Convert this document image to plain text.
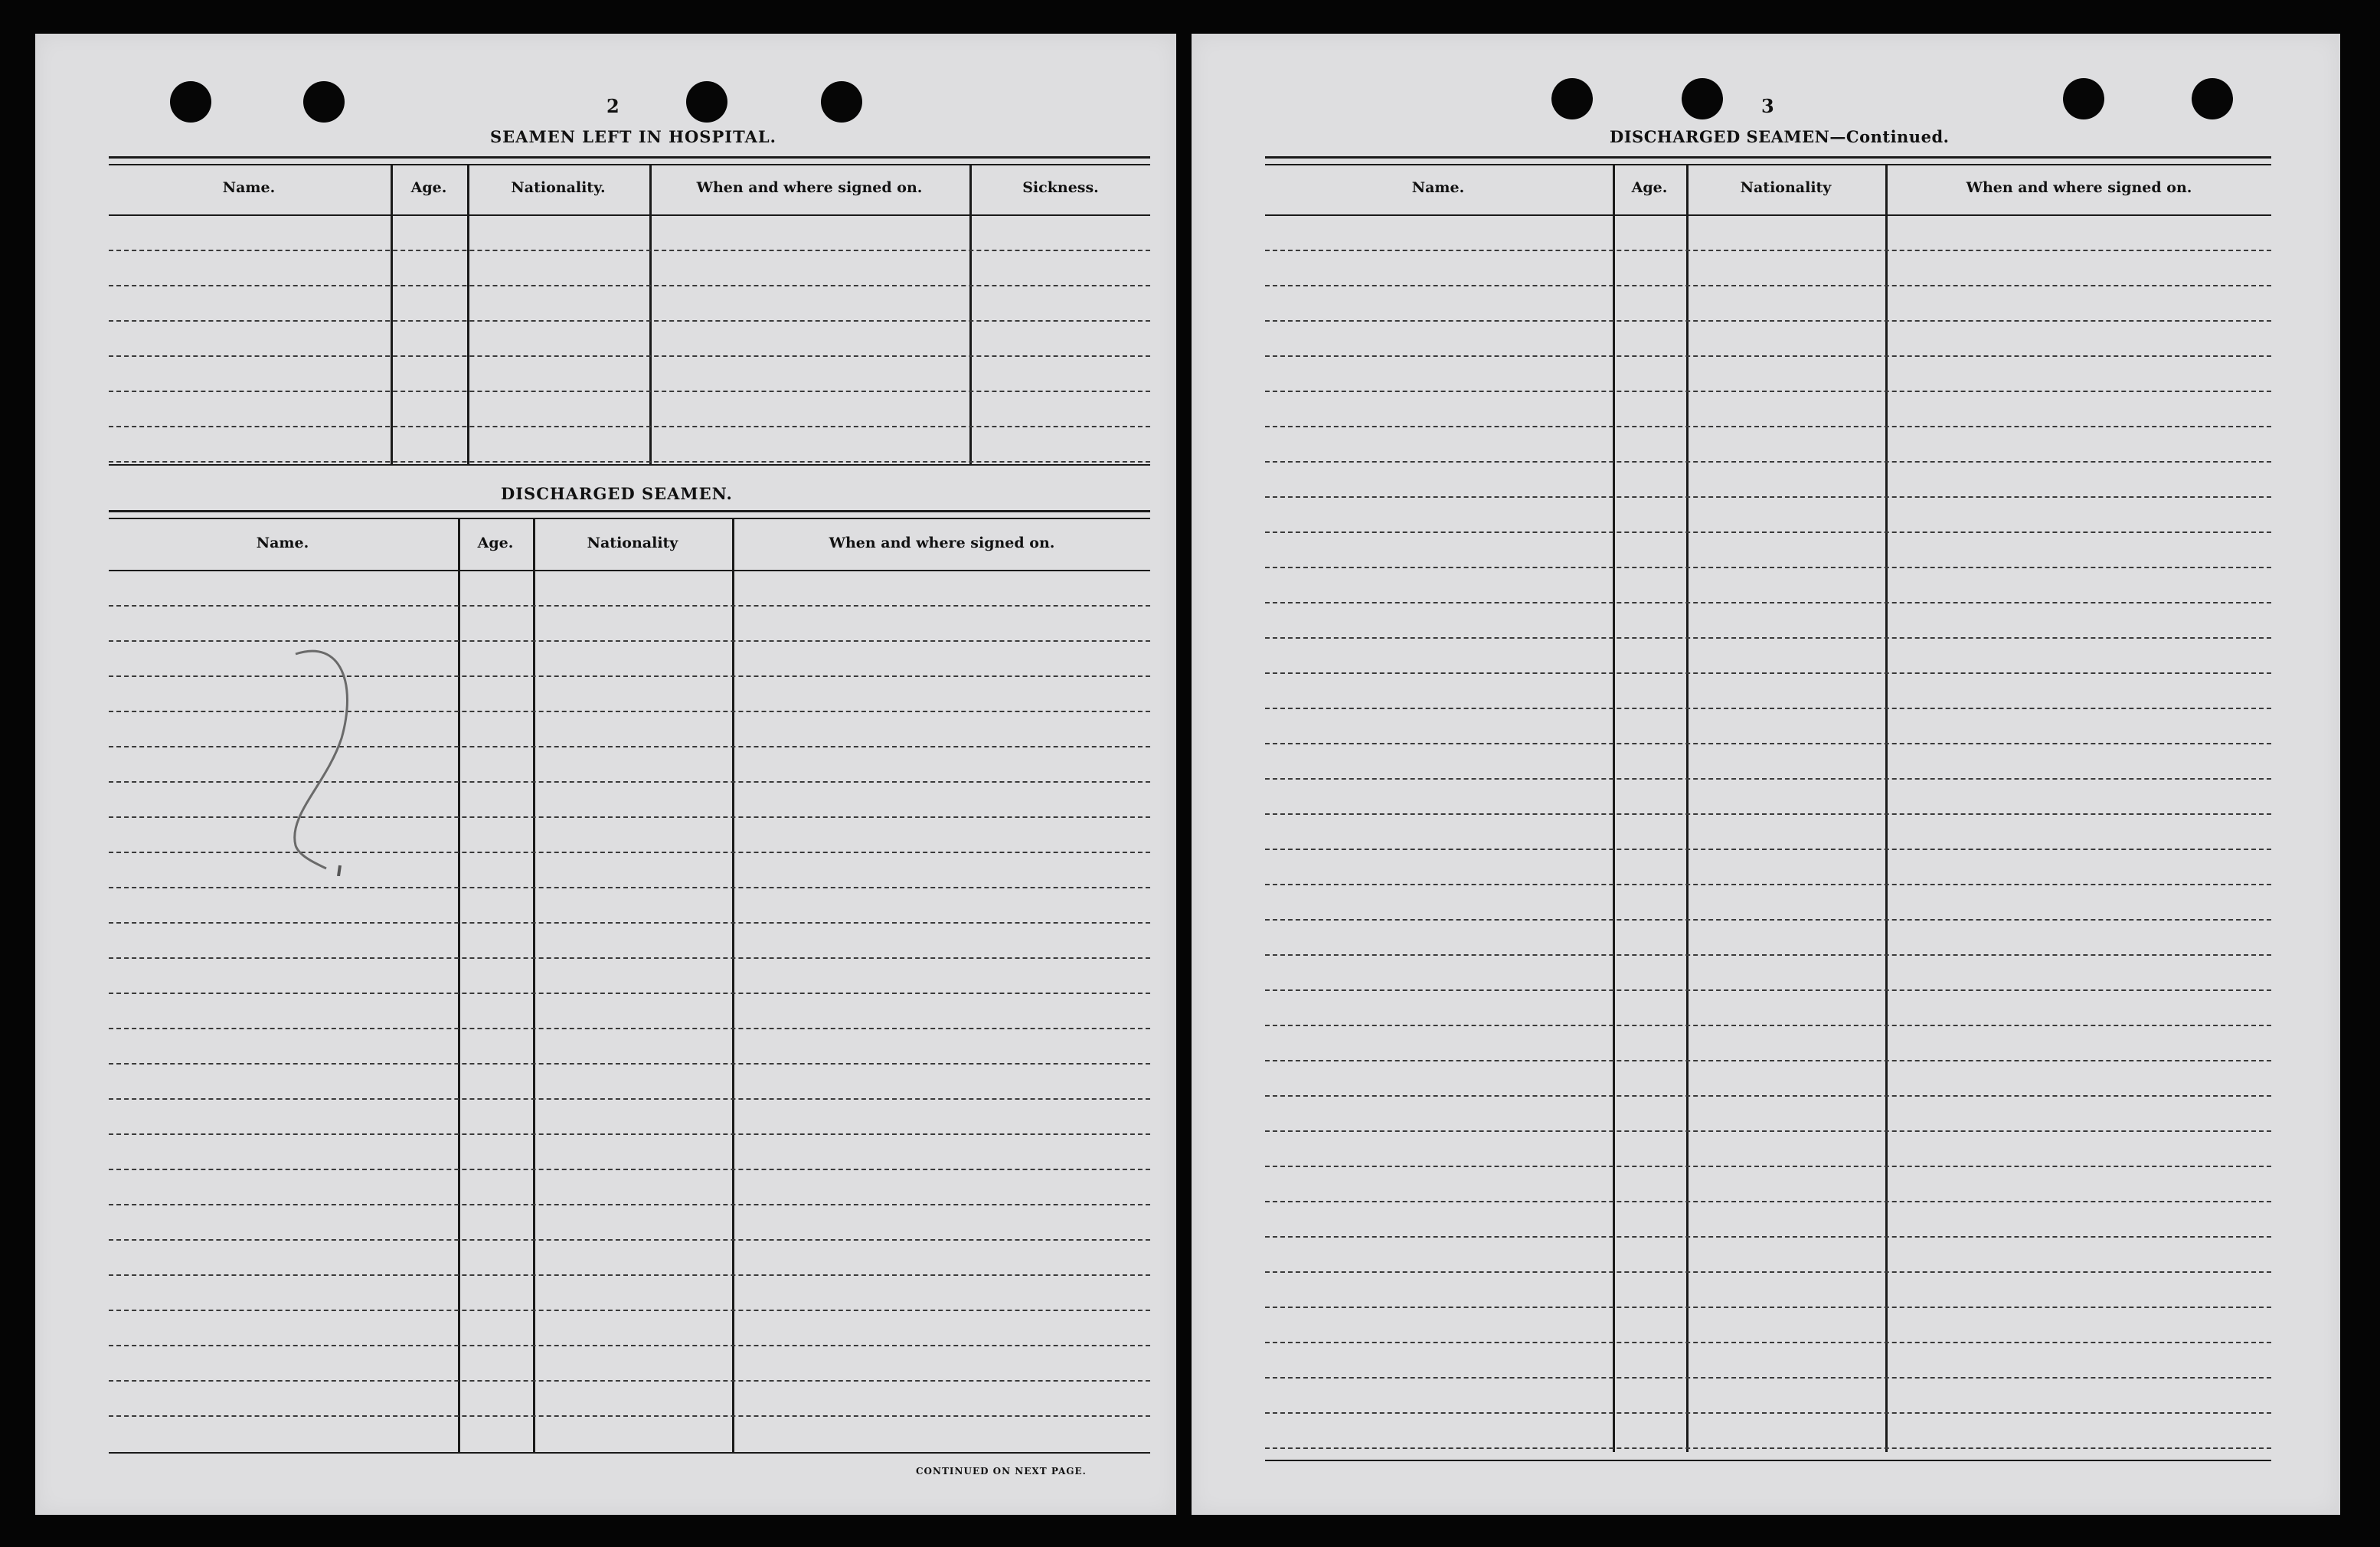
2
SEAMEN LEFT IN HOSPITAL.
Name.	Age.	Nationality.	When and where signed on.	Sickness.
DISCHARGED SEAMEN.
Name.	Age.	Nationality	When and where signed on.
CONTINUED ON NEXT PAGE.
3
DISCHARGED SEAMEN—Continued.
Name.	Age.	Nationality	When and where signed on.
